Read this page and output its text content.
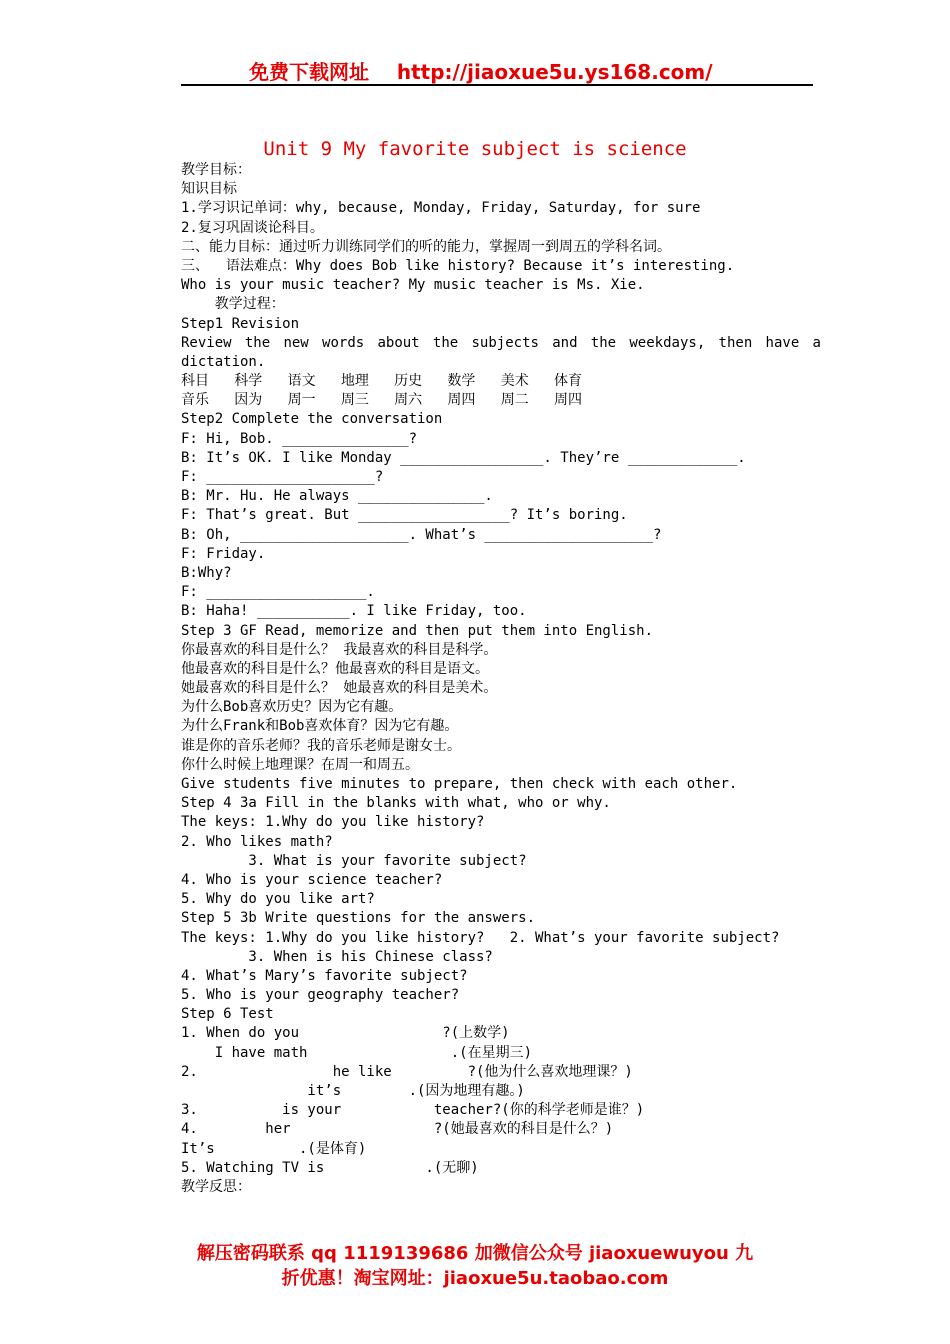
免费下载网址    http://jiaoxue5u.ys168.com/
Unit 9 My favorite subject is science
教学目标：
知识目标
1.学习识记单词：why, because, Monday, Friday, Saturday, for sure
2.复习巩固谈论科目。
二、能力目标：通过听力训练同学们的听的能力，掌握周一到周五的学科名词。
三、  语法难点：Why does Bob like history? Because it’s interesting.
Who is your music teacher? My music teacher is Ms. Xie.
教学过程：
Step1 Revision
Review the new words about the subjects and the weekdays, then have a
dictation.
科目   科学   语文   地理   历史   数学   美术   体育
音乐   因为   周一   周三   周六   周四   周二   周四
Step2 Complete the conversation
F: Hi, Bob. _______________?
B: It’s OK. I like Monday _________________. They’re _____________.
F: ____________________?
B: Mr. Hu. He always _______________.
F: That’s great. But __________________? It’s boring.
B: Oh, ____________________. What’s ____________________?
F: Friday.
B:Why?
F: ___________________.
B: Haha! ___________. I like Friday, too.
Step 3 GF Read, memorize and then put them into English.
你最喜欢的科目是什么？ 我最喜欢的科目是科学。
他最喜欢的科目是什么？他最喜欢的科目是语文。
她最喜欢的科目是什么？ 她最喜欢的科目是美术。
为什么Bob喜欢历史？因为它有趣。
为什么Frank和Bob喜欢体育？因为它有趣。
谁是你的音乐老师？我的音乐老师是谢女士。
你什么时候上地理课？在周一和周五。
Give students five minutes to prepare, then check with each other.
Step 4 3a Fill in the blanks with what, who or why.
The keys: 1.Why do you like history?
2. Who likes math?
3. What is your favorite subject?
4. Who is your science teacher?
5. Why do you like art?
Step 5 3b Write questions for the answers.
The keys: 1.Why do you like history?   2. What’s your favorite subject?
3. When is his Chinese class?
4. What’s Mary’s favorite subject?
5. Who is your geography teacher?
Step 6 Test
1. When do you                 ?(上数学)
I have math                 .(在星期三)
2.                he like         ?(他为什么喜欢地理课？)
it’s        .(因为地理有趣。)
3.          is your           teacher?(你的科学老师是谁？)
4.        her                 ?(她最喜欢的科目是什么？)
It’s          .(是体育)
5. Watching TV is            .(无聊)
教学反思：
解压密码联系 qq 1119139686 加微信公众号 jiaoxuewuyou 九
折优惠！淘宝网址：jiaoxue5u.taobao.com
